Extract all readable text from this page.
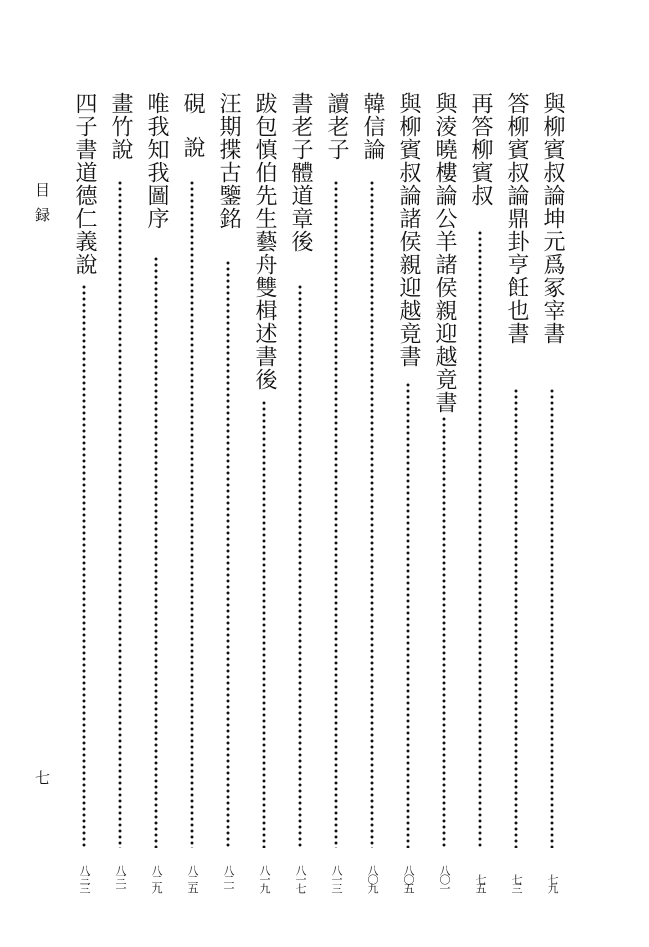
與柳賓叔論坤元爲冢宰書
七九
答柳賓叔論鼎卦亨飪也書
七三
再答柳賓叔
七五
與淩曉樓論公羊諸侯親迎越竟書
八〇一
與柳賓叔論諸侯親迎越竟書
八〇五
韓信論
八〇九
讀老子
八一三
書老子體道章後
八一七
跋包慎伯先生藝舟雙楫述書後
八一九
汪期揲古鑒銘
八二一
硯　說
八二五
唯我知我圖序
八二九
畫竹說
八三一
四子書道德仁義說
八三三
目録
七
